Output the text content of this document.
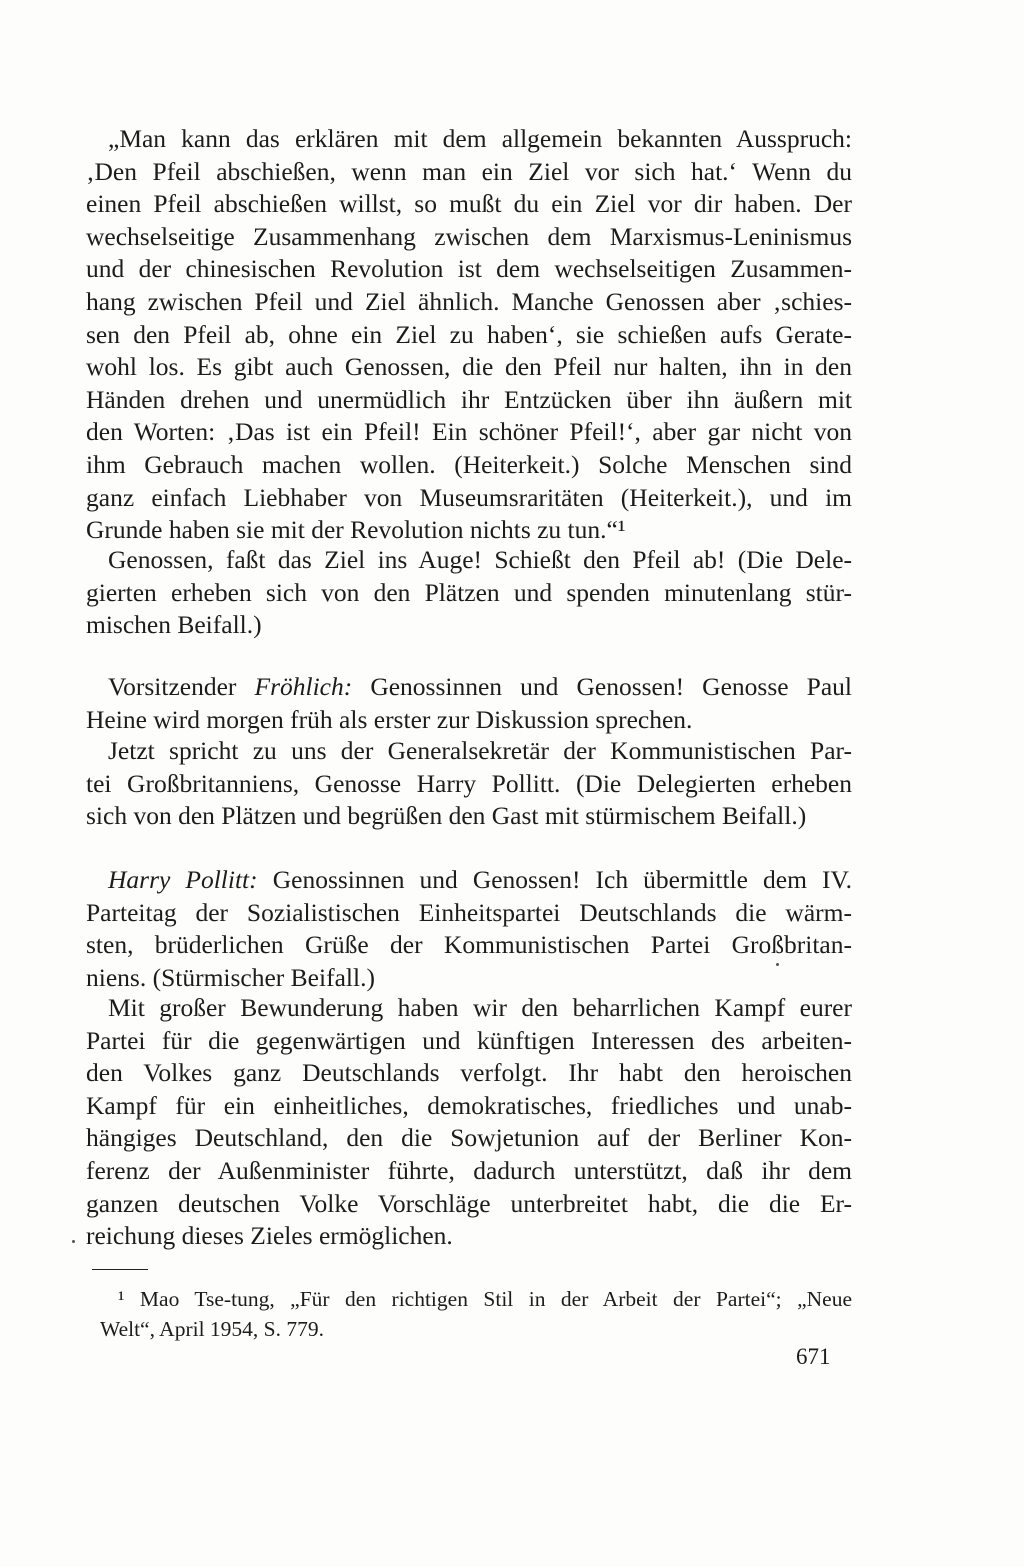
„Man kann das erklären mit dem allgemein bekannten Ausspruch:
‚Den Pfeil abschießen, wenn man ein Ziel vor sich hat.‘ Wenn du
einen Pfeil abschießen willst, so mußt du ein Ziel vor dir haben. Der
wechselseitige Zusammenhang zwischen dem Marxismus-Leninismus
und der chinesischen Revolution ist dem wechselseitigen Zusammen-
hang zwischen Pfeil und Ziel ähnlich. Manche Genossen aber ‚schies-
sen den Pfeil ab, ohne ein Ziel zu haben‘, sie schießen aufs Gerate-
wohl los. Es gibt auch Genossen, die den Pfeil nur halten, ihn in den
Händen drehen und unermüdlich ihr Entzücken über ihn äußern mit
den Worten: ‚Das ist ein Pfeil! Ein schöner Pfeil!‘, aber gar nicht von
ihm Gebrauch machen wollen. (Heiterkeit.) Solche Menschen sind
ganz einfach Liebhaber von Museumsraritäten (Heiterkeit.), und im
Grunde haben sie mit der Revolution nichts zu tun.“¹
Genossen, faßt das Ziel ins Auge! Schießt den Pfeil ab! (Die Dele-
gierten erheben sich von den Plätzen und spenden minutenlang stür-
mischen Beifall.)
Vorsitzender Fröhlich: Genossinnen und Genossen! Genosse Paul
Heine wird morgen früh als erster zur Diskussion sprechen.
Jetzt spricht zu uns der Generalsekretär der Kommunistischen Par-
tei Großbritanniens, Genosse Harry Pollitt. (Die Delegierten erheben
sich von den Plätzen und begrüßen den Gast mit stürmischem Beifall.)
Harry Pollitt: Genossinnen und Genossen! Ich übermittle dem IV.
Parteitag der Sozialistischen Einheitspartei Deutschlands die wärm-
sten, brüderlichen Grüße der Kommunistischen Partei Großbritan-
niens. (Stürmischer Beifall.)
Mit großer Bewunderung haben wir den beharrlichen Kampf eurer
Partei für die gegenwärtigen und künftigen Interessen des arbeiten-
den Volkes ganz Deutschlands verfolgt. Ihr habt den heroischen
Kampf für ein einheitliches, demokratisches, friedliches und unab-
hängiges Deutschland, den die Sowjetunion auf der Berliner Kon-
ferenz der Außenminister führte, dadurch unterstützt, daß ihr dem
ganzen deutschen Volke Vorschläge unterbreitet habt, die die Er-
reichung dieses Zieles ermöglichen.
¹ Mao Tse-tung, „Für den richtigen Stil in der Arbeit der Partei“; „Neue
Welt“, April 1954, S. 779.
671
